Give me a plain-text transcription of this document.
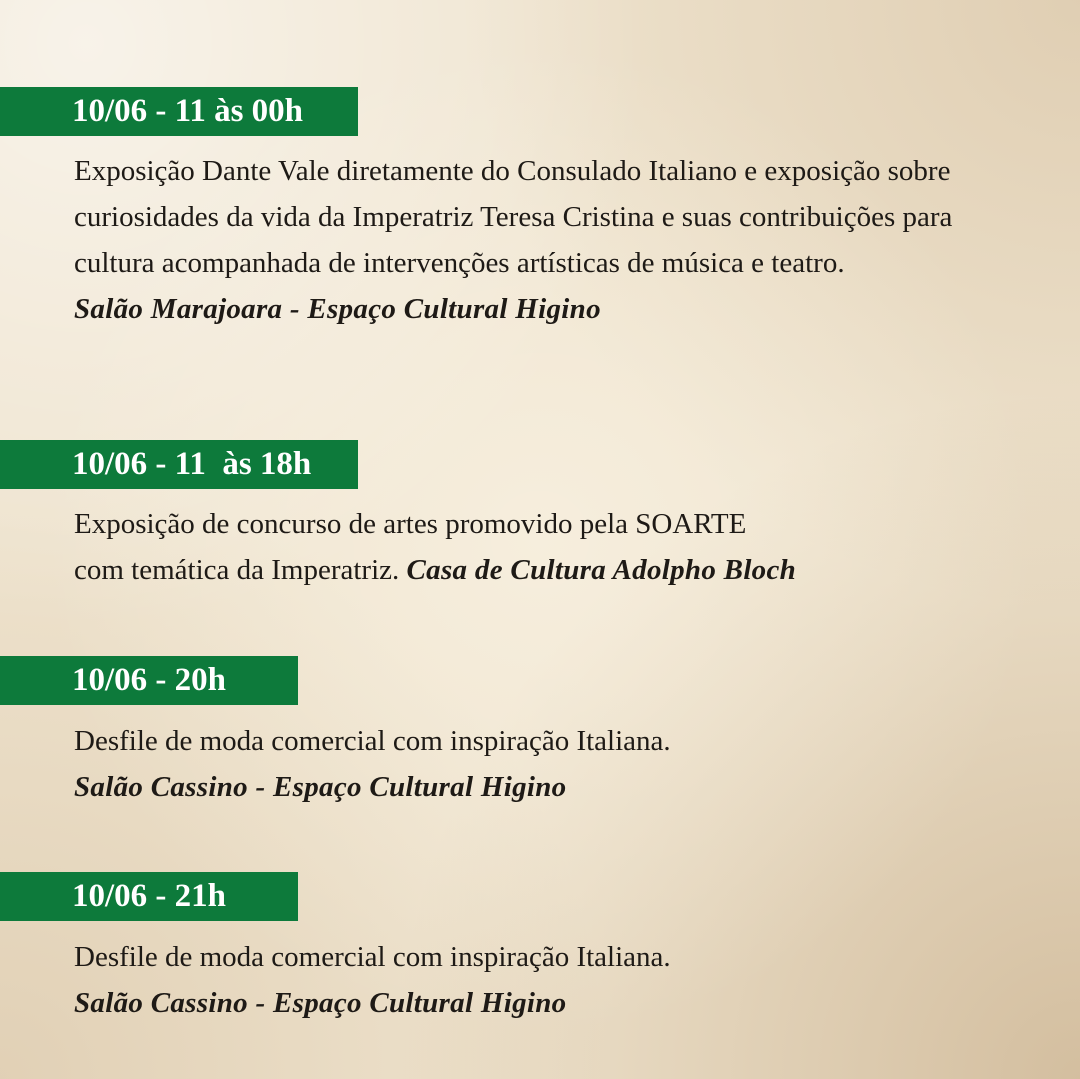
10/06 - 11 às 00h

Exposição Dante Vale diretamente do Consulado Italiano e exposição sobre curiosidades da vida da Imperatriz Teresa Cristina e suas contribuições para cultura acompanhada de intervenções artísticas de música e teatro.
Salão Marajoara - Espaço Cultural Higino

10/06 - 11  às 18h

Exposição de concurso de artes promovido pela SOARTE
com temática da Imperatriz. Casa de Cultura Adolpho Bloch

10/06 - 20h

Desfile de moda comercial com inspiração Italiana.
Salão Cassino - Espaço Cultural Higino

10/06 - 21h

Desfile de moda comercial com inspiração Italiana.
Salão Cassino - Espaço Cultural Higino
